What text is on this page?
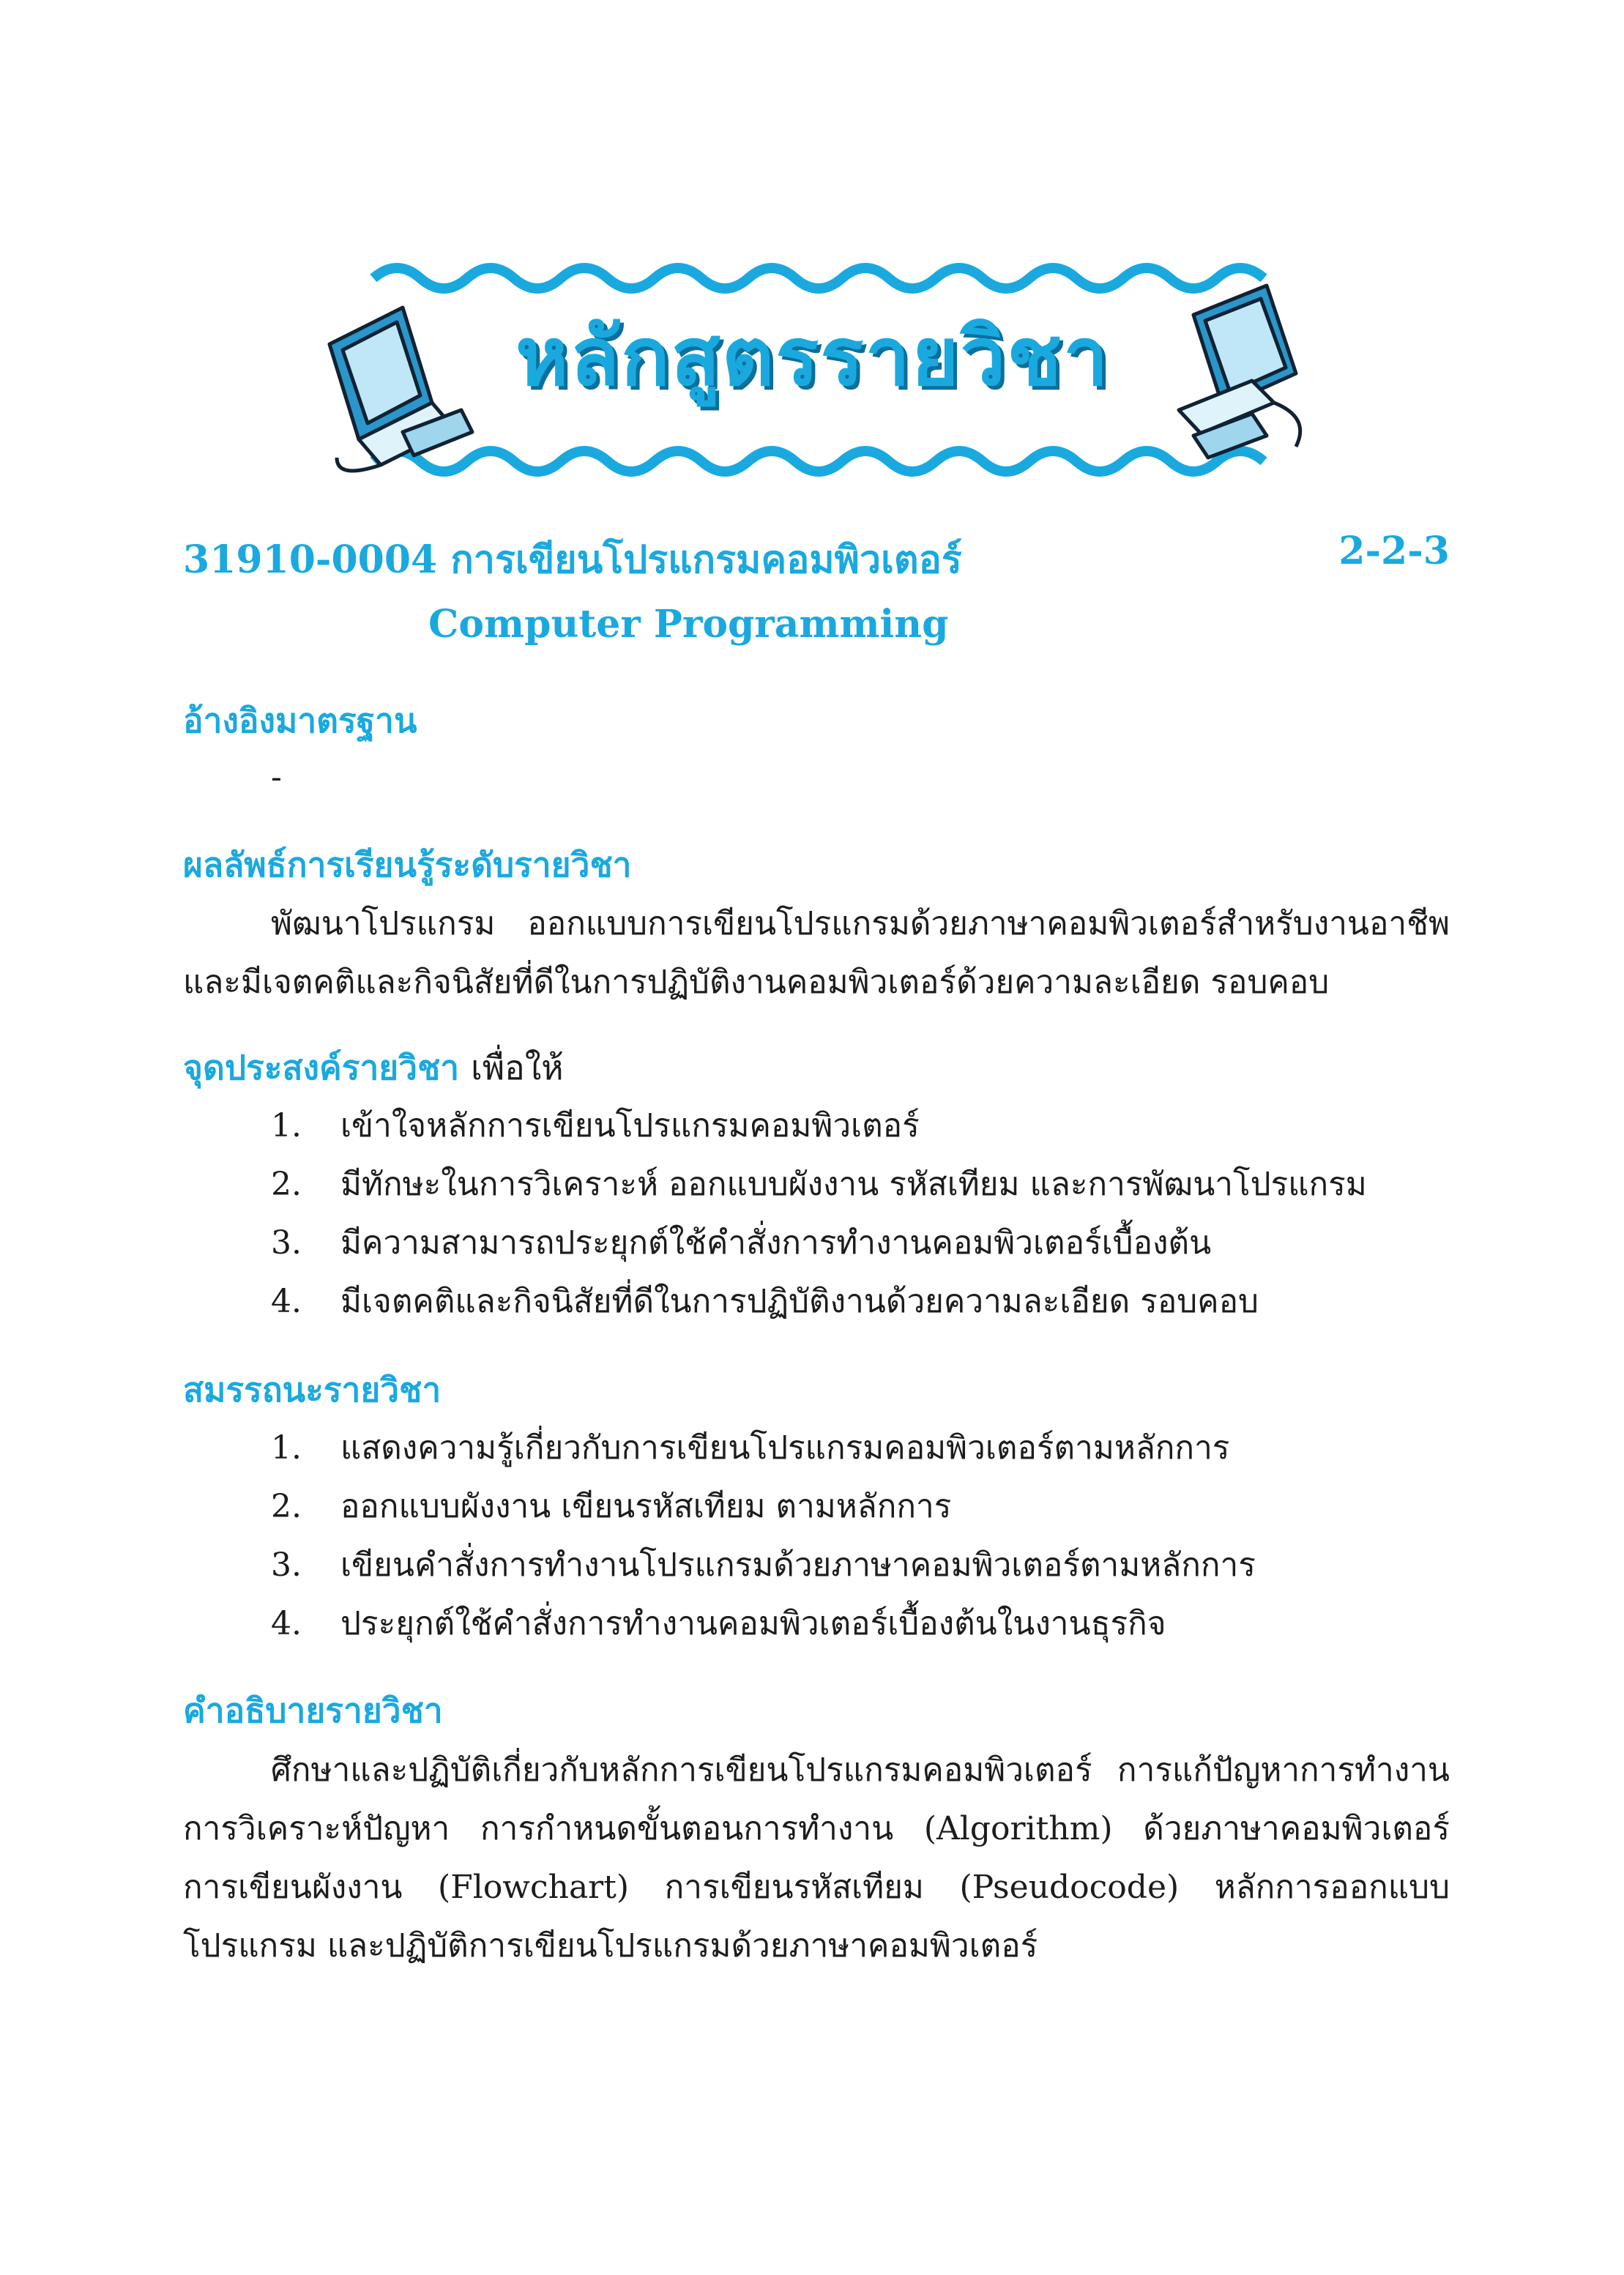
หลักสูตรรายวิชา
31910-0004 การเขียนโปรแกรมคอมพิวเตอร์	2-2-3
Computer Programming
อ้างอิงมาตรฐาน
-
ผลลัพธ์การเรียนรู้ระดับรายวิชา
พัฒนาโปรแกรม ออกแบบการเขียนโปรแกรมด้วยภาษาคอมพิวเตอร์สำหรับงานอาชีพ และมีเจตคติและกิจนิสัยที่ดีในการปฏิบัติงานคอมพิวเตอร์ด้วยความละเอียด รอบคอบ
จุดประสงค์รายวิชา เพื่อให้
1.	เข้าใจหลักการเขียนโปรแกรมคอมพิวเตอร์
2.	มีทักษะในการวิเคราะห์ ออกแบบผังงาน รหัสเทียม และการพัฒนาโปรแกรม
3.	มีความสามารถประยุกต์ใช้คำสั่งการทำงานคอมพิวเตอร์เบื้องต้น
4.	มีเจตคติและกิจนิสัยที่ดีในการปฏิบัติงานด้วยความละเอียด รอบคอบ
สมรรถนะรายวิชา
1.	แสดงความรู้เกี่ยวกับการเขียนโปรแกรมคอมพิวเตอร์ตามหลักการ
2.	ออกแบบผังงาน เขียนรหัสเทียม ตามหลักการ
3.	เขียนคำสั่งการทำงานโปรแกรมด้วยภาษาคอมพิวเตอร์ตามหลักการ
4.	ประยุกต์ใช้คำสั่งการทำงานคอมพิวเตอร์เบื้องต้นในงานธุรกิจ
คำอธิบายรายวิชา
ศึกษาและปฏิบัติเกี่ยวกับหลักการเขียนโปรแกรมคอมพิวเตอร์ การแก้ปัญหาการทำงาน การวิเคราะห์ปัญหา การกำหนดขั้นตอนการทำงาน (Algorithm) ด้วยภาษาคอมพิวเตอร์ การเขียนผังงาน (Flowchart) การเขียนรหัสเทียม (Pseudocode) หลักการออกแบบโปรแกรม และปฏิบัติการเขียนโปรแกรมด้วยภาษาคอมพิวเตอร์
